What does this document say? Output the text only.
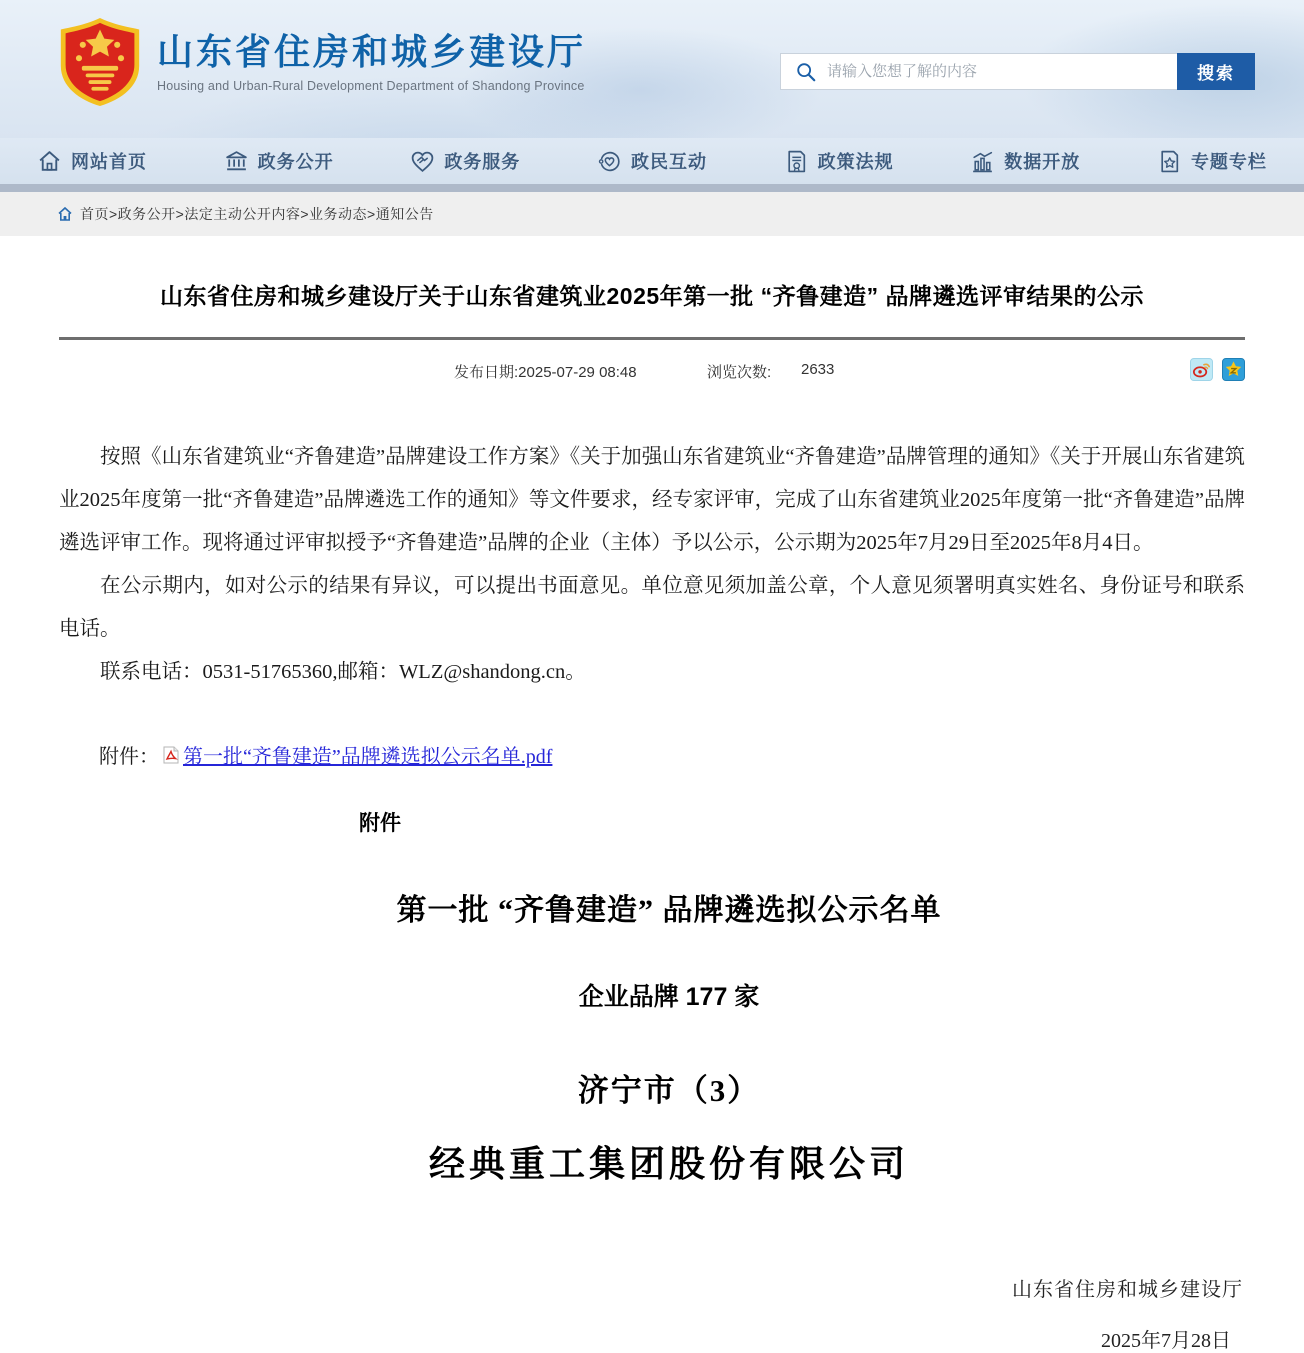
山东省住房和城乡建设厅
Housing and Urban-Rural Development Department of Shandong Province
请输入您想了解的内容
搜索
网站首页	政务公开	政务服务	政民互动	政策法规	数据开放	专题专栏
首页>政务公开>法定主动公开内容>业务动态>通知公告
山东省住房和城乡建设厅关于山东省建筑业2025年第一批 “齐鲁建造” 品牌遴选评审结果的公示
发布日期:2025-07-29 08:48	浏览次数: 2633

按照《山东省建筑业“齐鲁建造”品牌建设工作方案》《关于加强山东省建筑业“齐鲁建造”品牌管理的通知》《关于开展山东省建筑业2025年度第一批“齐鲁建造”品牌遴选工作的通知》等文件要求，经专家评审，完成了山东省建筑业2025年度第一批“齐鲁建造”品牌遴选评审工作。现将通过评审拟授予“齐鲁建造”品牌的企业（主体）予以公示，公示期为2025年7月29日至2025年8月4日。

在公示期内，如对公示的结果有异议，可以提出书面意见。单位意见须加盖公章，个人意见须署明真实姓名、身份证号和联系电话。

联系电话：0531-51765360,邮箱：WLZ@shandong.cn。

附件： 第一批“齐鲁建造”品牌遴选拟公示名单.pdf
附件
第一批 “齐鲁建造” 品牌遴选拟公示名单
企业品牌 177 家
济宁市（3）
经典重工集团股份有限公司
山东省住房和城乡建设厅
2025年7月28日
